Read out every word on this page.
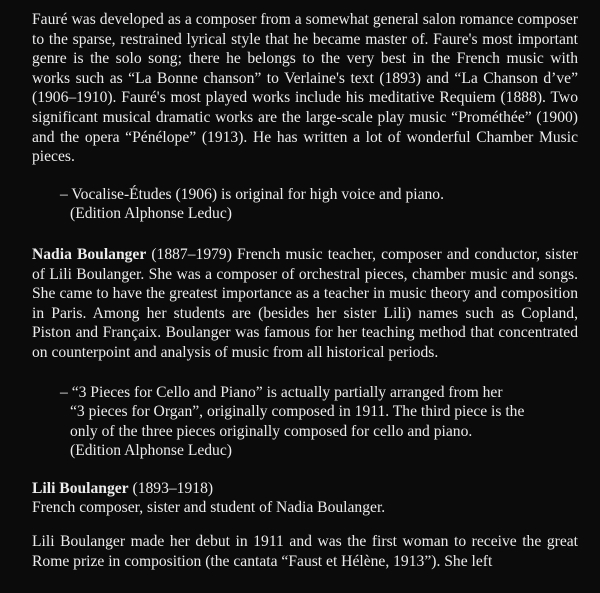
Fauré was developed as a composer from a somewhat general salon romance composer to the sparse, restrained lyrical style that he became master of. Faure's most important genre is the solo song; there he belongs to the very best in the French music with works such as “La Bonne chanson” to Verlaine's text (1893) and “La Chanson d’ve” (1906–1910). Fauré's most played works include his meditative Requiem (1888). Two significant musical dramatic works are the large-scale play music “Prométhée” (1900) and the opera “Pénélope” (1913). He has written a lot of wonderful Chamber Music pieces.

– Vocalise-Études (1906) is original for high voice and piano.
(Edition Alphonse Leduc)

Nadia Boulanger (1887–1979) French music teacher, composer and conductor, sister of Lili Boulanger. She was a composer of orchestral pieces, chamber music and songs. She came to have the greatest importance as a teacher in music theory and composition in Paris. Among her students are (besides her sister Lili) names such as Copland, Piston and Françaix. Boulanger was famous for her teaching method that concentrated on counterpoint and analysis of music from all historical periods.

– “3 Pieces for Cello and Piano” is actually partially arranged from her
“3 pieces for Organ”, originally composed in 1911. The third piece is the
only of the three pieces originally composed for cello and piano.
(Edition Alphonse Leduc)

Lili Boulanger (1893–1918)
French composer, sister and student of Nadia Boulanger.

Lili Boulanger made her debut in 1911 and was the first woman to receive the great Rome prize in composition (the cantata “Faust et Hélène, 1913”). She left
